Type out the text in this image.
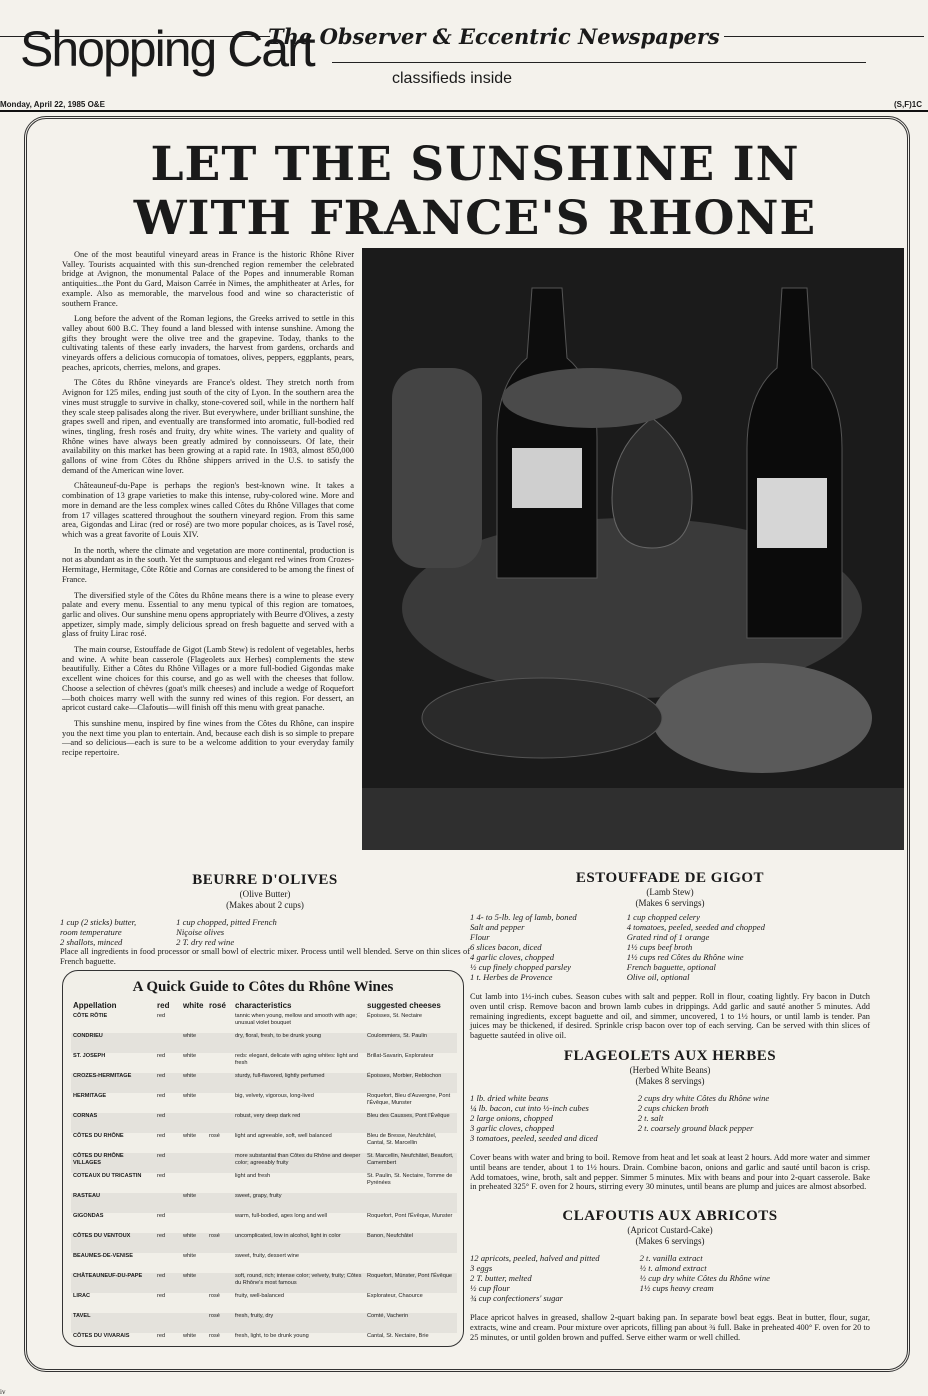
Shopping Cart
The Observer & Eccentric Newspapers
classifieds inside
Monday, April 22, 1985 O&E	(S,F)1C
LET THE SUNSHINE IN
WITH FRANCE'S RHONE

One of the most beautiful vineyard areas in France is the historic Rhône River Valley. Tourists acquainted with this sun-drenched region remember the celebrated bridge at Avignon, the monumental Palace of the Popes and innumerable Roman antiquities...the Pont du Gard, Maison Carrée in Nimes, the amphitheater at Arles, for example. Also as memorable, the marvelous food and wine so characteristic of southern France.

Long before the advent of the Roman legions, the Greeks arrived to settle in this valley about 600 B.C. They found a land blessed with intense sunshine. Among the gifts they brought were the olive tree and the grapevine. Today, thanks to the cultivating talents of these early invaders, the harvest from gardens, orchards and vineyards offers a delicious cornucopia of tomatoes, olives, peppers, eggplants, pears, peaches, apricots, cherries, melons, and grapes.

The Côtes du Rhône vineyards are France's oldest. They stretch north from Avignon for 125 miles, ending just south of the city of Lyon. In the southern area the vines must struggle to survive in chalky, stone-covered soil, while in the northern half they scale steep palisades along the river. But everywhere, under brilliant sunshine, the grapes swell and ripen, and eventually are transformed into aromatic, full-bodied red wines, tingling, fresh rosés and fruity, dry white wines. The variety and quality of Rhône wines have always been greatly admired by connoisseurs. Of late, their availability on this market has been growing at a rapid rate. In 1983, almost 850,000 gallons of wine from Côtes du Rhône shippers arrived in the U.S. to satisfy the demand of the American wine lover.

Châteauneuf-du-Pape is perhaps the region's best-known wine. It takes a combination of 13 grape varieties to make this intense, ruby-colored wine. More and more in demand are the less complex wines called Côtes du Rhône Villages that come from 17 villages scattered throughout the southern vineyard region. From this same area, Gigondas and Lirac (red or rosé) are two more popular choices, as is Tavel rosé, which was a great favorite of Louis XIV.

In the north, where the climate and vegetation are more continental, production is not as abundant as in the south. Yet the sumptuous and elegant red wines from Crozes-Hermitage, Hermitage, Côte Rôtie and Cornas are considered to be among the finest of France.

The diversified style of the Côtes du Rhône means there is a wine to please every palate and every menu. Essential to any menu typical of this region are tomatoes, garlic and olives. Our sunshine menu opens appropriately with Beurre d'Olives, a zesty appetizer, simply made, simply delicious spread on fresh baguette and served with a glass of fruity Lirac rosé.

The main course, Estouffade de Gigot (Lamb Stew) is redolent of vegetables, herbs and wine. A white bean casserole (Flageolets aux Herbes) complements the stew beautifully. Either a Côtes du Rhône Villages or a more full-bodied Gigondas make excellent wine choices for this course, and go as well with the cheeses that follow. Choose a selection of chèvres (goat's milk cheeses) and include a wedge of Roquefort—both choices marry well with the sunny red wines of this region. For dessert, an apricot custard cake—Clafoutis—will finish off this menu with great panache.

This sunshine menu, inspired by fine wines from the Côtes du Rhône, can inspire you the next time you plan to entertain. And, because each dish is so simple to prepare—and so delicious—each is sure to be a welcome addition to your everyday family recipe repertoire.

BEURRE D'OLIVES
(Olive Butter)
(Makes about 2 cups)
1 cup (2 sticks) butter,
room temperature
2 shallots, minced
1 cup chopped, pitted French
Niçoise olives
2 T. dry red wine
Place all ingredients in food processor or small bowl of electric mixer. Process until well blended. Serve on thin slices of French baguette.
ESTOUFFADE DE GIGOT
(Lamb Stew)
(Makes 6 servings)
1 4- to 5-lb. leg of lamb, boned
Salt and pepper
Flour
6 slices bacon, diced
4 garlic cloves, chopped
½ cup finely chopped parsley
1 t. Herbes de Provence
1 cup chopped celery
4 tomatoes, peeled, seeded and chopped
Grated rind of 1 orange
1½ cups beef broth
1½ cups red Côtes du Rhône wine
French baguette, optional
Olive oil, optional
Cut lamb into 1½-inch cubes. Season cubes with salt and pepper. Roll in flour, coating lightly. Fry bacon in Dutch oven until crisp. Remove bacon and brown lamb cubes in drippings. Add garlic and sauté another 5 minutes. Add remaining ingredients, except baguette and oil, and simmer, uncovered, 1 to 1½ hours, or until lamb is tender. Pan juices may be thickened, if desired. Sprinkle crisp bacon over top of each serving. Can be served with thin slices of baguette sautéed in olive oil.
FLAGEOLETS AUX HERBES
(Herbed White Beans)
(Makes 8 servings)
1 lb. dried white beans
¼ lb. bacon, cut into ½-inch cubes
2 large onions, chopped
3 garlic cloves, chopped
3 tomatoes, peeled, seeded and diced
2 cups dry white Côtes du Rhône wine
2 cups chicken broth
2 t. salt
2 t. coarsely ground black pepper
Cover beans with water and bring to boil. Remove from heat and let soak at least 2 hours. Add more water and simmer until beans are tender, about 1 to 1½ hours. Drain. Combine bacon, onions and garlic and sauté until bacon is crisp. Add tomatoes, wine, broth, salt and pepper. Simmer 5 minutes. Mix with beans and pour into 2-quart casserole. Bake in preheated 325° F. oven for 2 hours, stirring every 30 minutes, until beans are plump and juices are almost absorbed.
CLAFOUTIS AUX ABRICOTS
(Apricot Custard-Cake)
(Makes 6 servings)
12 apricots, peeled, halved and pitted
3 eggs
2 T. butter, melted
½ cup flour
¾ cup confectioners' sugar
2 t. vanilla extract
½ t. almond extract
½ cup dry white Côtes du Rhône wine
1½ cups heavy cream
Place apricot halves in greased, shallow 2-quart baking pan. In separate bowl beat eggs. Beat in butter, flour, sugar, extracts, wine and cream. Pour mixture over apricots, filling pan about ¾ full. Bake in preheated 400° F. oven for 20 to 25 minutes, or until golden brown and puffed. Serve either warm or well chilled.
A Quick Guide to Côtes du Rhône Wines
Appellation	red	white	rosé	characteristics	suggested cheeses
CÔTE RÔTIE	red			tannic when young, mellow and smooth with age; unusual violet bouquet	Époisses, St. Nectaire
CONDRIEU		white		dry, floral, fresh, to be drunk young	Coulommiers, St. Paulin
ST. JOSEPH	red	white		reds: elegant, delicate with aging whites: light and fresh	Brillat-Savarin, Explorateur
CROZES-HERMITAGE	red	white		sturdy, full-flavored, lightly perfumed	Époisses, Morbier, Reblochon
HERMITAGE	red	white		big, velvety, vigorous, long-lived	Roquefort, Bleu d'Auvergne, Pont l'Évêque, Munster
CORNAS	red			robust, very deep dark red	Bleu des Causses, Pont l'Évêque
CÔTES DU RHÔNE	red	white	rosé	light and agreeable, soft, well balanced	Bleu de Bresse, Neufchâtel, Cantal, St. Marcellin
CÔTES DU RHÔNE VILLAGES	red			more substantial than Côtes du Rhône and deeper color; agreeably fruity	St. Marcellin, Neufchâtel, Beaufort, Camembert
COTEAUX DU TRICASTIN	red			light and fresh	St. Paulin, St. Nectaire, Tomme de Pyrénées
RASTEAU		white		sweet, grapy, fruity	
GIGONDAS	red			warm, full-bodied, ages long and well	Roquefort, Pont l'Évêque, Munster
CÔTES DU VENTOUX	red	white	rosé	uncomplicated, low in alcohol, light in color	Banon, Neufchâtel
BEAUMES-DE-VENISE		white		sweet, fruity, dessert wine	
CHÂTEAUNEUF-DU-PAPE	red	white		soft, round, rich; intense color; velvety, fruity; Côtes du Rhône's most famous	Roquefort, Münster, Pont l'Évêque
LIRAC	red		rosé	fruity, well-balanced	Explorateur, Chaource
TAVEL			rosé	fresh, fruity, dry	Comté, Vacherin
CÔTES DU VIVARAIS	red	white	rosé	fresh, light, to be drunk young	Cantal, St. Nectaire, Brie
iv
